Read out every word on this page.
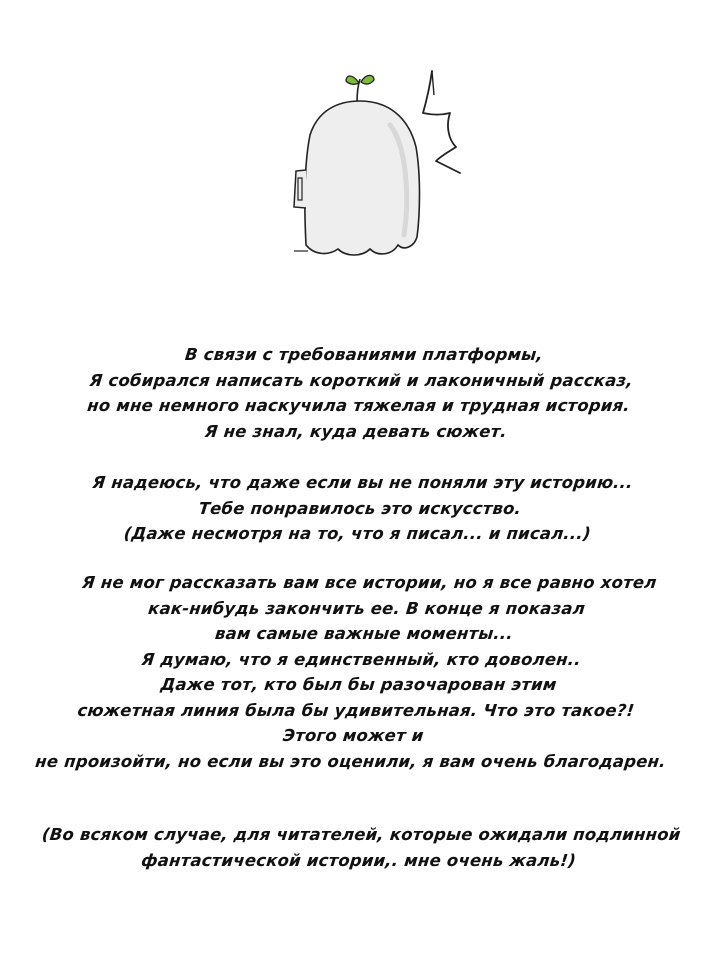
В связи с требованиями платформы,
Я собирался написать короткий и лаконичный рассказ,
но мне немного наскучила тяжелая и трудная история.
Я не знал, куда девать сюжет.
Я надеюсь, что даже если вы не поняли эту историю...
Тебе понравилось это искусство.
(Даже несмотря на то, что я писал... и писал...)
Я не мог рассказать вам все истории, но я все равно хотел
как-нибудь закончить ее. В конце я показал
вам самые важные моменты...
Я думаю, что я единственный, кто доволен..
Даже тот, кто был бы разочарован этим
сюжетная линия была бы удивительная. Что это такое?!
Этого может и
не произойти, но если вы это оценили, я вам очень благодарен.
(Во всяком случае, для читателей, которые ожидали подлинной
фантастической истории,. мне очень жаль!)
